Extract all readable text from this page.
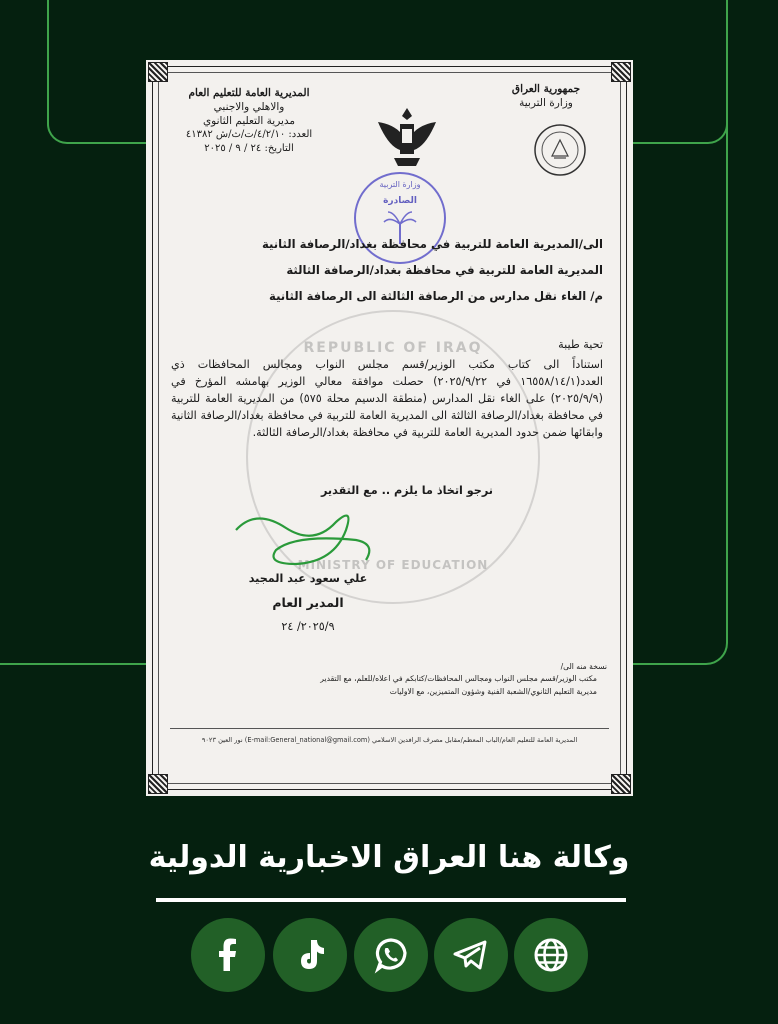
REPUBLIC OF IRAQ
MINISTRY OF EDUCATION
جمهورية العراق
وزارة التربية
المديرية العامة للتعليم العام
والاهلي والاجنبي
مديرية التعليم الثانوي
العدد: ٤/٢/١٠/ت/ث/ش ٤١٣٨٢
التاريخ: ٢٤ / ٩ / ٢٠٢٥
وزارة التربية
الصادرة
الى/المديرية العامة للتربية في محافظة بغداد/الرصافة الثانية
المديرية العامة للتربية في محافظة بغداد/الرصافة الثالثة
م/ الغاء نقل مدارس من الرصافة الثالثة الى الرصافة الثانية
تحية طيبة
استناداً الى كتاب مكتب الوزير/قسم مجلس النواب ومجالس المحافظات ذي العدد(١٦٥٥٨/١٤/١ في ٢٠٢٥/٩/٢٢) حصلت موافقة معالي الوزير بهامشه المؤرخ في (٢٠٢٥/٩/٩) على الغاء نقل المدارس (منطقة الدسيم محلة ٥٧٥) من المديرية العامة للتربية في محافظة بغداد/الرصافة الثالثة الى المديرية العامة للتربية في محافظة بغداد/الرصافة الثانية وابقائها ضمن حدود المديرية العامة للتربية في محافظة بغداد/الرصافة الثالثة.
نرجو اتخاذ ما يلزم .. مع التقدير
علي سعود عبد المجيد
المدير العام
٢٠٢٥/٩/ ٢٤
نسخة منه الى/
مكتب الوزير/قسم مجلس النواب ومجالس المحافظات/كتابكم في اعلاه/للعلم، مع التقدير
مديرية التعليم الثانوي/الشعبة الفنية وشؤون المتميزين، مع الاوليات
المديرية العامة للتعليم العام/الباب المعظم/مقابل مصرف الرافدين الاسلامي (E-mail:General_national@gmail.com) نور العين ٩٠٢٣
وكالة هنا العراق الاخبارية الدولية
